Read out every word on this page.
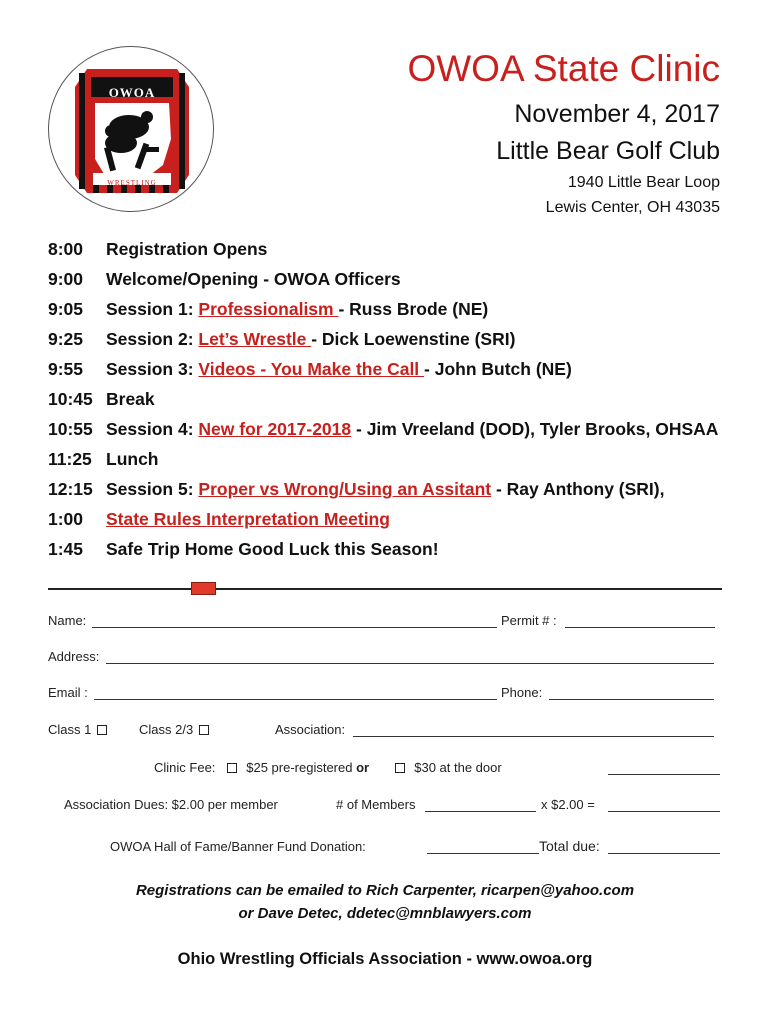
OWOA
WRESTLING
OWOA State Clinic
November 4, 2017
Little Bear Golf Club
1940 Little Bear Loop
Lewis Center, OH 43035
8:00	Registration Opens
9:00	Welcome/Opening - OWOA Officers
9:05	Session 1: Professionalism - Russ Brode (NE)
9:25	Session 2: Let’s Wrestle - Dick Loewenstine (SRI)
9:55	Session 3: Videos - You Make the Call - John Butch (NE)
10:45 Break
10:55 Session 4: New for 2017-2018 - Jim Vreeland (DOD), Tyler Brooks, OHSAA
11:25 Lunch
12:15 Session 5: Proper vs Wrong/Using an Assitant - Ray Anthony (SRI),
1:00	State Rules Interpretation Meeting
1:45	Safe Trip Home Good Luck this Season!
Name:	Permit # :
Address:
Email :	Phone:
Class 1	Class 2/3	Association:
Clinic Fee:	$25 pre-registered or	$30 at the door
Association Dues: $2.00 per member	# of Members	x $2.00 =
OWOA Hall of Fame/Banner Fund Donation:	Total due:
Registrations can be emailed to Rich Carpenter, ricarpen@yahoo.com
or Dave Detec, ddetec@mnblawyers.com
Ohio Wrestling Officials Association - www.owoa.org
